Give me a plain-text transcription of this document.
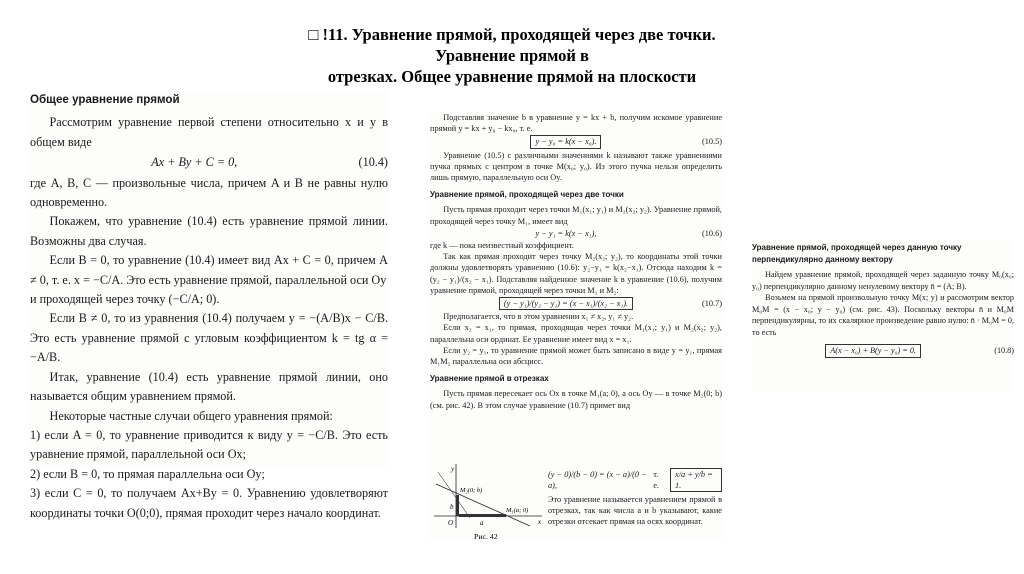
□ !11. Уравнение прямой, проходящей через две точки.
Уравнение прямой в
отрезках. Общее уравнение прямой на плоскости
Общее уравнение прямой

Рассмотрим уравнение первой степени относительно x и y в общем виде

Ax + By + C = 0,	(10.4)

где A, B, C — произвольные числа, причем A и B не равны нулю одновременно.

Покажем, что уравнение (10.4) есть уравнение прямой линии. Возможны два случая.

Если B = 0, то уравнение (10.4) имеет вид Ax + C = 0, причем A ≠ 0, т. е. x = −C/A. Это есть уравнение прямой, параллельной оси Oy

и проходящей через точку (−C/A; 0).

Если B ≠ 0, то из уравнения (10.4) получаем y = −(A/B)x − C/B. Это есть уравнение прямой с угловым коэффициентом k = tg α = −A/B.

Итак, уравнение (10.4) есть уравнение прямой линии, оно называется общим уравнением прямой.

Некоторые частные случаи общего уравнения прямой:

1) если A = 0, то уравнение приводится к виду y = −C/B. Это есть уравнение прямой, параллельной оси Ox;

2) если B = 0, то прямая параллельна оси Oy;

3) если C = 0, то получаем Ax+By = 0. Уравнению удовлетворяют координаты точки O(0;0), прямая проходит через начало координат.

Подставляя значение b в уравнение y = kx + b, получим искомое уравнение прямой y = kx + y₀ − kx₀, т. е.

y − y₀ = k(x − x₀).	(10.5)

Уравнение (10.5) с различными значениями k называют также уравнениями пучка прямых с центром в точке M(x₀; y₀). Из этого пучка нельзя определить лишь прямую, параллельную оси Oy.

Уравнение прямой, проходящей через две точки

Пусть прямая проходит через точки M₁(x₁; y₁) и M₂(x₂; y₂). Уравнение прямой, проходящей через точку M₁, имеет вид

y − y₁ = k(x − x₁),	(10.6)

где k — пока неизвестный коэффициент.

Так как прямая проходит через точку M₂(x₂; y₂), то координаты этой точки должны удовлетворять уравнению (10.6): y₂−y₁ = k(x₂−x₁). Отсюда находим k = (y₂ − y₁)/(x₂ − x₁). Подставляя найденное значение k в уравнение (10.6), получим уравнение прямой, проходящей через точки M₁ и M₂:

(y − y₁)/(y₂ − y₁) = (x − x₁)/(x₂ − x₁).	(10.7)

Предполагается, что в этом уравнении x₁ ≠ x₂, y₁ ≠ y₂.

Если x₂ = x₁, то прямая, проходящая через точки M₁(x₁; y₁) и M₂(x₂; y₂), параллельна оси ординат. Ее уравнение имеет вид x = x₁.

Если y₂ = y₁, то уравнение прямой может быть записано в виде y = y₁, прямая M₁M₂ параллельна оси абсцисс.

Уравнение прямой в отрезках

Пусть прямая пересекает ось Ox в точке M₁(a; 0), а ось Oy — в точке M₂(0; b) (см. рис. 42). В этом случае уравнение (10.7) примет вид

y
x
O	a
b
M₂(0; b)
M₁(a; 0)
Рис. 42
(y − 0)/(b − 0) = (x − a)/(0 − a),
т. е.
x/a + y/b = 1.

Это уравнение называется уравнением прямой в отрезках, так как числа a и b указывают, какие отрезки отсекает прямая на осях координат.

Уравнение прямой, проходящей через данную точку
перпендикулярно данному вектору

Найдем уравнение прямой, проходящей через заданную точку M₀(x₀; y₀) перпендикулярно данному ненулевому вектору n̄ = (A; B).

Возьмем на прямой произвольную точку M(x; y) и рассмотрим вектор M₀M = (x − x₀; y − y₀) (см. рис. 43). Поскольку векторы n̄ и M₀M перпендикулярны, то их скалярное произведение равно нулю: n̄ · M₀M = 0, то есть

A(x − x₀) + B(y − y₀) = 0.	(10.8)
